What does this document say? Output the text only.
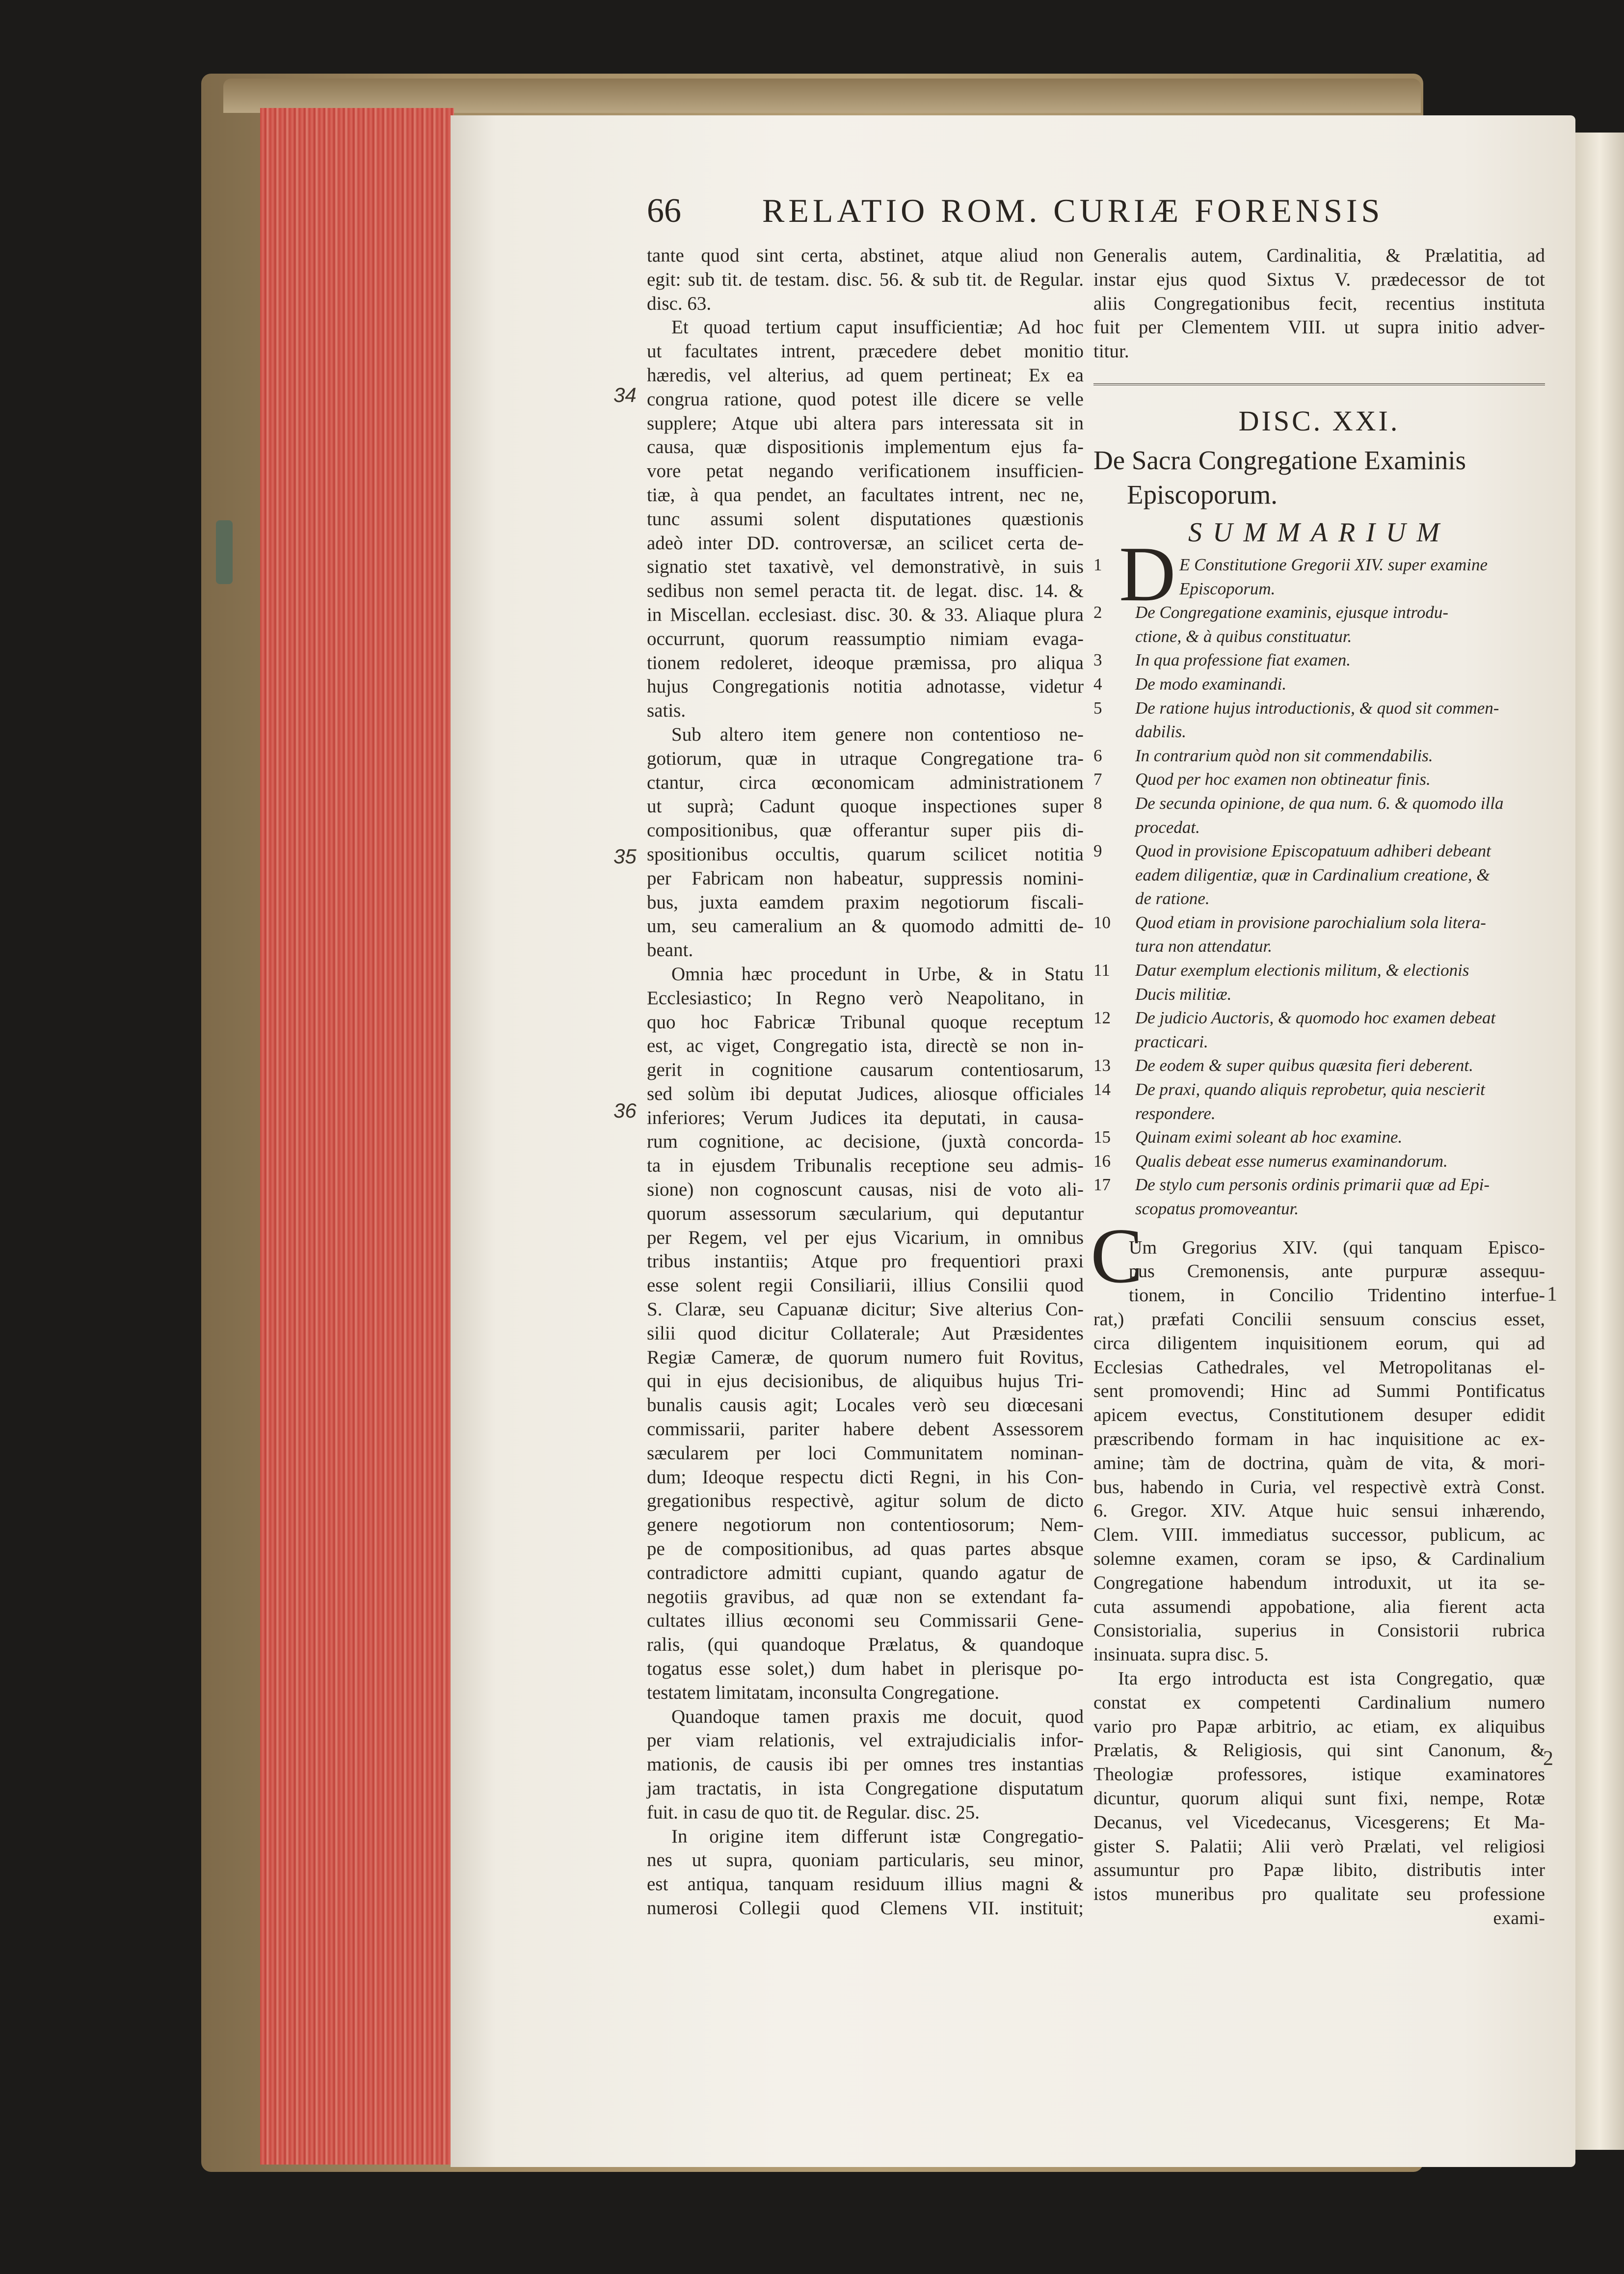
66 RELATIO ROM. CURIÆ FORENSIS
tante quod sint certa, abstinet, atque aliud non
egit: sub tit. de testam. disc. 56. & sub tit. de Regular.
disc. 63.
Et quoad tertium caput insufficientiæ; Ad hoc
ut facultates intrent, præcedere debet monitio
hæredis, vel alterius, ad quem pertineat; Ex ea
congrua ratione, quod potest ille dicere se velle
supplere; Atque ubi altera pars interessata sit in
causa, quæ dispositionis implementum ejus fa-
vore petat negando verificationem insufficien-
tiæ, à qua pendet, an facultates intrent, nec ne,
tunc assumi solent disputationes quæstionis
adeò inter DD. controversæ, an scilicet certa de-
signatio stet taxativè, vel demonstrativè, in suis
sedibus non semel peracta tit. de legat. disc. 14. &
in Miscellan. ecclesiast. disc. 30. & 33. Aliaque plura
occurrunt, quorum reassumptio nimiam evaga-
tionem redoleret, ideoque præmissa, pro aliqua
hujus Congregationis notitia adnotasse, videtur
satis.
Sub altero item genere non contentioso ne-
gotiorum, quæ in utraque Congregatione tra-
ctantur, circa œconomicam administrationem
ut suprà; Cadunt quoque inspectiones super
compositionibus, quæ offerantur super piis di-
spositionibus occultis, quarum scilicet notitia
per Fabricam non habeatur, suppressis nomini-
bus, juxta eamdem praxim negotiorum fiscali-
um, seu cameralium an & quomodo admitti de-
beant.
Omnia hæc procedunt in Urbe, & in Statu
Ecclesiastico; In Regno verò Neapolitano, in
quo hoc Fabricæ Tribunal quoque receptum
est, ac viget, Congregatio ista, directè se non in-
gerit in cognitione causarum contentiosarum,
sed solùm ibi deputat Judices, aliosque officiales
inferiores; Verum Judices ita deputati, in causa-
rum cognitione, ac decisione, (juxtà concorda-
ta in ejusdem Tribunalis receptione seu admis-
sione) non cognoscunt causas, nisi de voto ali-
quorum assessorum sæcularium, qui deputantur
per Regem, vel per ejus Vicarium, in omnibus
tribus instantiis; Atque pro frequentiori praxi
esse solent regii Consiliarii, illius Consilii quod
S. Claræ, seu Capuanæ dicitur; Sive alterius Con-
silii quod dicitur Collaterale; Aut Præsidentes
Regiæ Cameræ, de quorum numero fuit Rovitus,
qui in ejus decisionibus, de aliquibus hujus Tri-
bunalis causis agit; Locales verò seu diœcesani
commissarii, pariter habere debent Assessorem
sæcularem per loci Communitatem nominan-
dum; Ideoque respectu dicti Regni, in his Con-
gregationibus respectivè, agitur solum de dicto
genere negotiorum non contentiosorum; Nem-
pe de compositionibus, ad quas partes absque
contradictore admitti cupiant, quando agatur de
negotiis gravibus, ad quæ non se extendant fa-
cultates illius œconomi seu Commissarii Gene-
ralis, (qui quandoque Prælatus, & quandoque
togatus esse solet,) dum habet in plerisque po-
testatem limitatam, inconsulta Congregatione.
Quandoque tamen praxis me docuit, quod
per viam relationis, vel extrajudicialis infor-
mationis, de causis ibi per omnes tres instantias
jam tractatis, in ista Congregatione disputatum
fuit. in casu de quo tit. de Regular. disc. 25.
In origine item differunt istæ Congregatio-
nes ut supra, quoniam particularis, seu minor,
est antiqua, tanquam residuum illius magni &
numerosi Collegii quod Clemens VII. instituit;
Generalis autem, Cardinalitia, & Prælatitia, ad
instar ejus quod Sixtus V. prædecessor de tot
aliis Congregationibus fecit, recentius instituta
fuit per Clementem VIII. ut supra initio adver-
titur.
DISC. XXI.
De Sacra Congregatione Examinis
Episcoporum.
SUMMARIUM
D
1	E Constitutione Gregorii XIV. super examine
Episcoporum.
2	De Congregatione examinis, ejusque introdu-
ctione, & à quibus constituatur.
3	In qua professione fiat examen.
4	De modo examinandi.
5	De ratione hujus introductionis, & quod sit commen-
dabilis.
6	In contrarium quòd non sit commendabilis.
7	Quod per hoc examen non obtineatur finis.
8	De secunda opinione, de qua num. 6. & quomodo illa
procedat.
9	Quod in provisione Episcopatuum adhiberi debeant
eadem diligentiæ, quæ in Cardinalium creatione, &
de ratione.
10	Quod etiam in provisione parochialium sola litera-
tura non attendatur.
11	Datur exemplum electionis militum, & electionis
Ducis militiæ.
12	De judicio Auctoris, & quomodo hoc examen debeat
practicari.
13	De eodem & super quibus quæsita fieri deberent.
14	De praxi, quando aliquis reprobetur, quia nescierit
respondere.
15	Quinam eximi soleant ab hoc examine.
16	Qualis debeat esse numerus examinandorum.
17	De stylo cum personis ordinis primarii quæ ad Epi-
scopatus promoveantur.
C
Um Gregorius XIV. (qui tanquam Episco-
pus Cremonensis, ante purpuræ assequu-
tionem, in Concilio Tridentino interfue-
rat,) præfati Concilii sensuum conscius esset,
circa diligentem inquisitionem eorum, qui ad
Ecclesias Cathedrales, vel Metropolitanas el-
sent promovendi; Hinc ad Summi Pontificatus
apicem evectus, Constitutionem desuper edidit
præscribendo formam in hac inquisitione ac ex-
amine; tàm de doctrina, quàm de vita, & mori-
bus, habendo in Curia, vel respectivè extrà Const.
6. Gregor. XIV. Atque huic sensui inhærendo,
Clem. VIII. immediatus successor, publicum, ac
solemne examen, coram se ipso, & Cardinalium
Congregatione habendum introduxit, ut ita se-
cuta assumendi appobatione, alia fierent acta
Consistorialia, superius in Consistorii rubrica
insinuata. supra disc. 5.
Ita ergo introducta est ista Congregatio, quæ
constat ex competenti Cardinalium numero
vario pro Papæ arbitrio, ac etiam, ex aliquibus
Prælatis, & Religiosis, qui sint Canonum, &
Theologiæ professores, istique examinatores
dicuntur, quorum aliqui sunt fixi, nempe, Rotæ
Decanus, vel Vicedecanus, Vicesgerens; Et Ma-
gister S. Palatii; Alii verò Prælati, vel religiosi
assumuntur pro Papæ libito, distributis inter
istos muneribus pro qualitate seu professione
exami-
34
35
36
1
2
